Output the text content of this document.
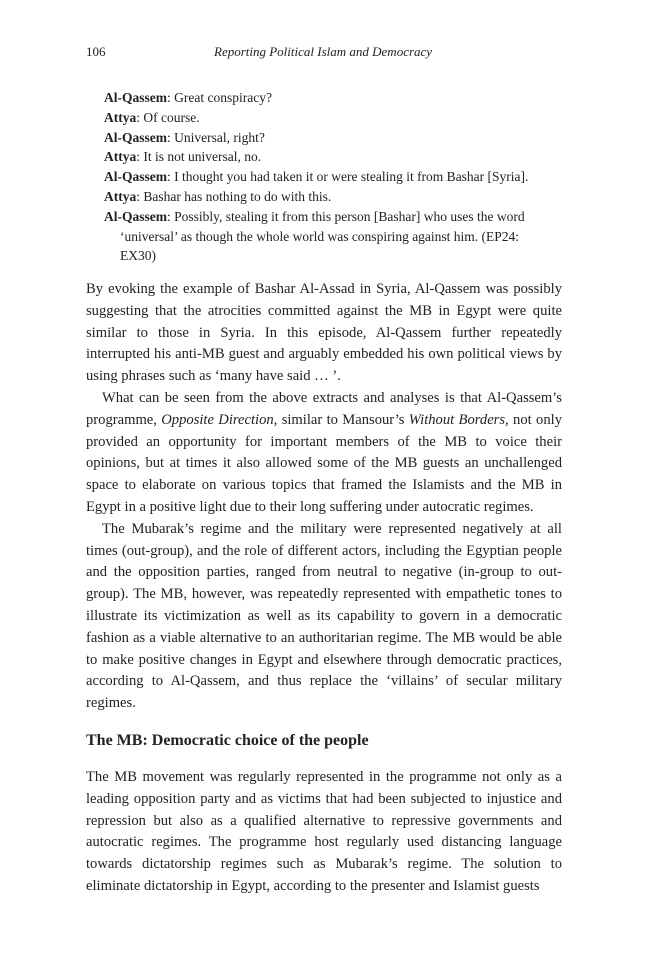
106	Reporting Political Islam and Democracy

Al-Qassem: Great conspiracy?

Attya: Of course.

Al-Qassem: Universal, right?

Attya: It is not universal, no.

Al-Qassem: I thought you had taken it or were stealing it from Bashar [Syria].

Attya: Bashar has nothing to do with this.

Al-Qassem: Possibly, stealing it from this person [Bashar] who uses the word ‘universal’ as though the whole world was conspiring against him. (EP24: EX30)

By evoking the example of Bashar Al-Assad in Syria, Al-Qassem was possibly suggesting that the atrocities committed against the MB in Egypt were quite similar to those in Syria. In this episode, Al-Qassem further repeatedly interrupted his anti-MB guest and arguably embedded his own political views by using phrases such as ‘many have said … ’.

What can be seen from the above extracts and analyses is that Al-Qassem’s programme, Opposite Direction, similar to Mansour’s Without Borders, not only provided an opportunity for important members of the MB to voice their opinions, but at times it also allowed some of the MB guests an unchallenged space to elaborate on various topics that framed the Islamists and the MB in Egypt in a positive light due to their long suffering under autocratic regimes.

The Mubarak’s regime and the military were represented negatively at all times (out-group), and the role of different actors, including the Egyptian people and the opposition parties, ranged from neutral to negative (in-group to out-group). The MB, however, was repeatedly represented with empathetic tones to illustrate its victimization as well as its capability to govern in a democratic fashion as a viable alternative to an authoritarian regime. The MB would be able to make positive changes in Egypt and elsewhere through democratic practices, according to Al-Qassem, and thus replace the ‘villains’ of secular military regimes.

The MB: Democratic choice of the people

The MB movement was regularly represented in the programme not only as a leading opposition party and as victims that had been subjected to injustice and repression but also as a qualified alternative to repressive governments and autocratic regimes. The programme host regularly used distancing language towards dictatorship regimes such as Mubarak’s regime. The solution to eliminate dictatorship in Egypt, according to the presenter and Islamist guests
